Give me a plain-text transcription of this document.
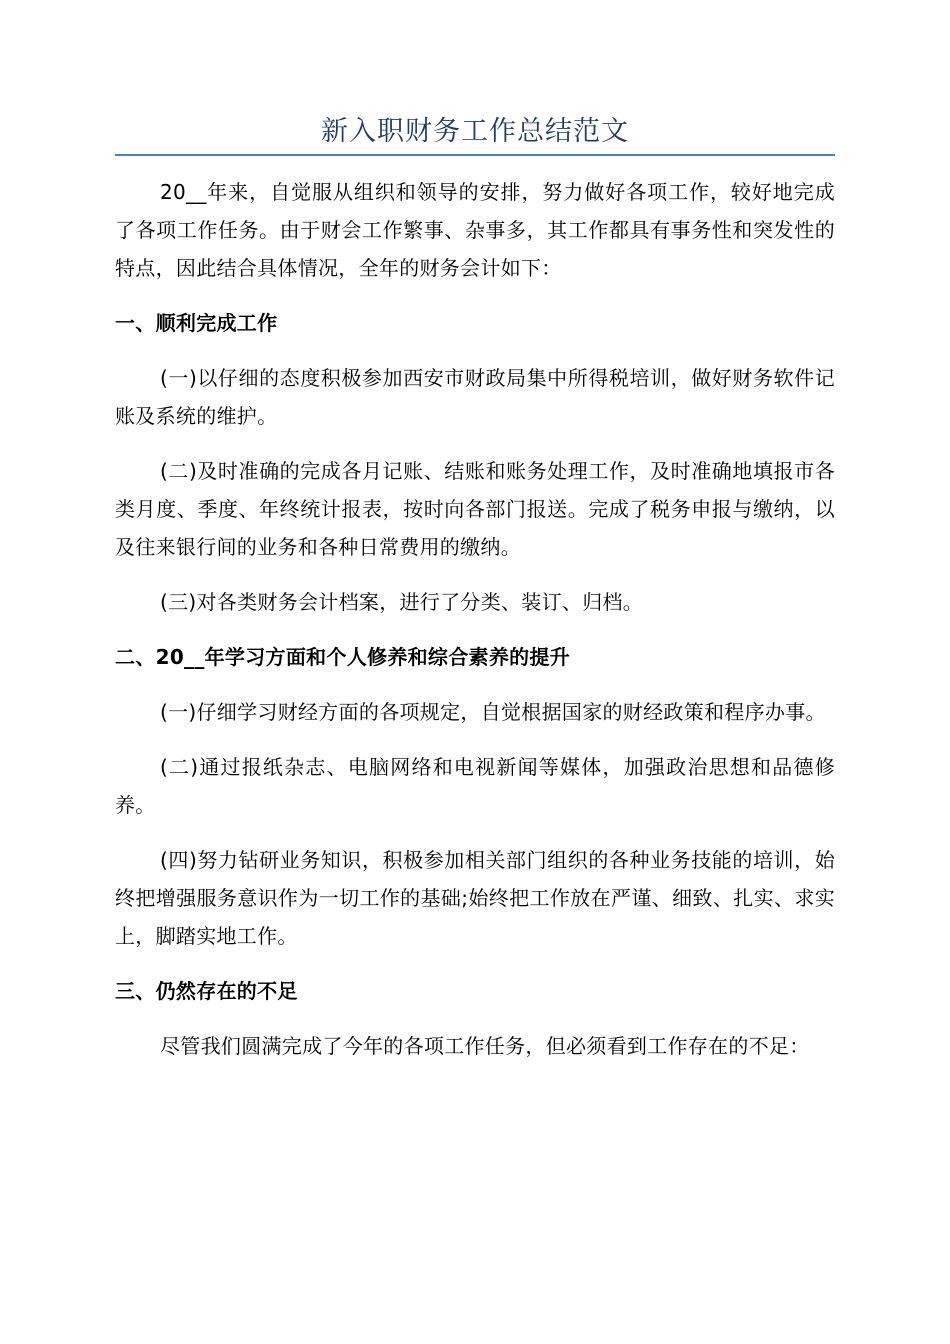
新入职财务工作总结范文

20__年来，自觉服从组织和领导的安排，努力做好各项工作，较好地完成了各项工作任务。由于财会工作繁事、杂事多，其工作都具有事务性和突发性的特点，因此结合具体情况，全年的财务会计如下：

一、顺利完成工作

(一)以仔细的态度积极参加西安市财政局集中所得税培训，做好财务软件记账及系统的维护。

(二)及时准确的完成各月记账、结账和账务处理工作，及时准确地填报市各类月度、季度、年终统计报表，按时向各部门报送。完成了税务申报与缴纳，以及往来银行间的业务和各种日常费用的缴纳。

(三)对各类财务会计档案，进行了分类、装订、归档。

二、20__年学习方面和个人修养和综合素养的提升

(一)仔细学习财经方面的各项规定，自觉根据国家的财经政策和程序办事。

(二)通过报纸杂志、电脑网络和电视新闻等媒体，加强政治思想和品德修养。

(四)努力钻研业务知识，积极参加相关部门组织的各种业务技能的培训，始终把增强服务意识作为一切工作的基础;始终把工作放在严谨、细致、扎实、求实上，脚踏实地工作。

三、仍然存在的不足

尽管我们圆满完成了今年的各项工作任务，但必须看到工作存在的不足：
